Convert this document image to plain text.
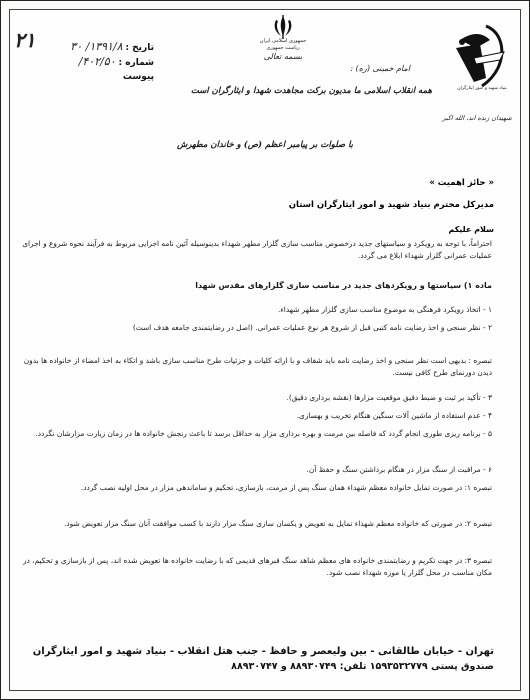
۲۱	تاریخ : ۱۳۹۱/۸/ ۳۰
شماره : ۴۰۲/۵۰/
پیوست
جمهوری اسلامی ایران
ریاست جمهوری
بسمه تعالی
امام خمینی (ره) :
همه انقلاب اسلامی ما مدیون برکت مجاهدت شهدا و ایثارگران است	بنیاد شهید و امور ایثارگران
شهیدان زنده اند، الله اکبر
با صلوات بر پیامبر اعظم (ص) و خاندان مطهرش
« حائز اهمیت »
مدیرکل محترم بنیاد شهید و امور ایثارگران استان
سلام علیکم
احتراماً، با توجه به رویکرد و سیاستهای جدید درخصوص مناسب سازی گلزار مطهر شهداء بدینوسیله آئین نامه اجرایی مربوط به فرآیند نحوه شروع و اجرای عملیات عمرانی گلزار شهداء ابلاغ می گردد.
ماده ۱) سیاستها و رویکردهای جدید در مناسب سازی گلزارهای مقدس شهدا
۱ - اتخاذ رویکرد فرهنگی به موضوع مناسب سازی گلزار مطهر شهداء.
۲ - نظر سنجی و اخذ رضایت نامه کتبی قبل از شروع هر نوع عملیات عمرانی. (اصل در رضایتمندی جامعه هدف است)
تبصره : بدیهی است نظر سنجی و اخذ رضایت نامه باید شفاف و با ارائه کلیات و جزئیات طرح مناسب سازی باشد و اتکاء به اخذ امضاء از خانواده ها بدون دیدن دورنمای طرح کافی نیست.
۳ - تأکید بر ثبت و ضبط دقیق موقعیت مزارها (نقشه برداری دقیق).
۴ - عدم استفاده از ماشین آلات سنگین هنگام تخریب و بهسازی.
۵ - برنامه ریزی طوری انجام گردد که فاصله بین مرمت و بهره برداری مزار به حداقل برسد تا باعث رنجش خانواده ها در زمان زیارت مزارشان نگردد.
۶ - مراقبت از سنگ مزار در هنگام برداشتن سنگ و حفظ آن.
تبصره ۱: در صورت تمایل خانواده معظم شهداء همان سنگ پس از مرمت، بازسازی، تحکیم و ساماندهی مزار در محل اولیه نصب گردد.
تبصره ۲: در صورتی که خانواده معظم شهداء تمایل به تعویض و یکسان سازی سنگ مزار دارند با کسب موافقت آنان سنگ مزار تعویض شود.
تبصره ۳: در جهت تکریم و رضایتمندی خانواده های معظم شاهد سنگ قبرهای قدیمی که با رضایت خانواده ها تعویض شده اند، پس از بازسازی و تحکیم، در مکان مناسب در محل گلزار یا موزه شهداء نصب شود.
تهران - خیابان طالقانی - بین ولیعصر و حافظ - جنب هتل انقلاب - بنیاد شهید و امور ایثارگران
صندوق پستی ۱۵۹۳۵۳۲۷۷۹ تلفن: ۸۸۹۳۰۷۴۹ و ۸۸۹۳۰۷۴۷
